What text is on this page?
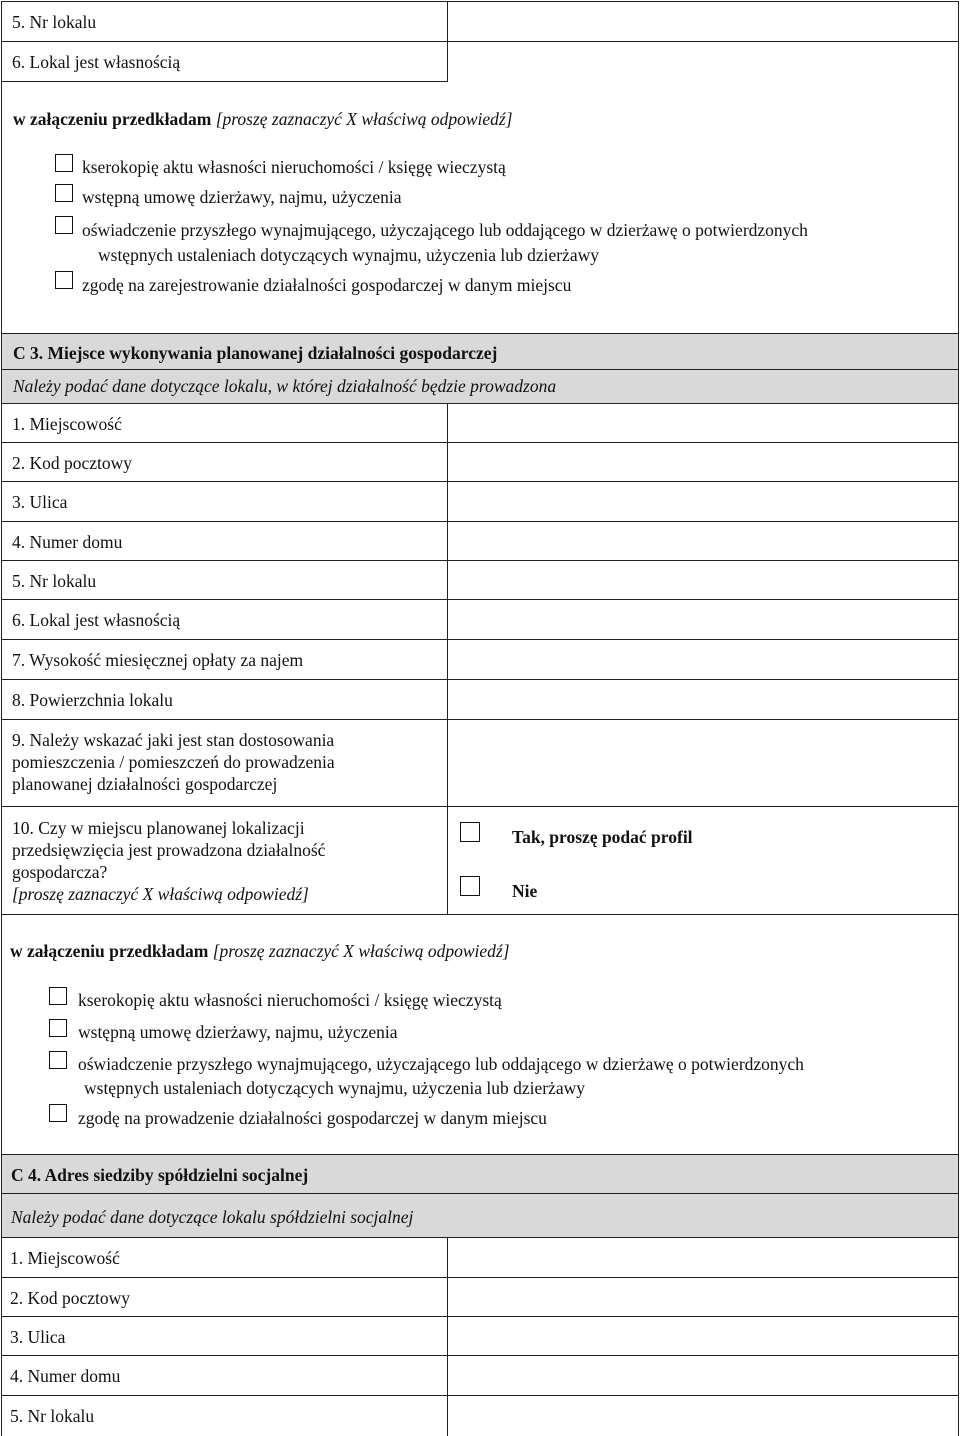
5. Nr lokalu
6. Lokal jest własnością
w załączeniu przedkładam [proszę zaznaczyć X właściwą odpowiedź]
kserokopię aktu własności nieruchomości / księgę wieczystą
wstępną umowę dzierżawy, najmu, użyczenia
oświadczenie przyszłego wynajmującego, użyczającego lub oddającego w dzierżawę o potwierdzonych
wstępnych ustaleniach dotyczących wynajmu, użyczenia lub dzierżawy
zgodę na zarejestrowanie działalności gospodarczej w danym miejscu
C 3. Miejsce wykonywania planowanej działalności gospodarczej
Należy podać dane dotyczące lokalu, w której działalność będzie prowadzona
1. Miejscowość
2. Kod pocztowy
3. Ulica
4. Numer domu
5. Nr lokalu
6. Lokal jest własnością
7. Wysokość miesięcznej opłaty za najem
8. Powierzchnia lokalu
9. Należy wskazać jaki jest stan dostosowania
pomieszczenia / pomieszczeń do prowadzenia
planowanej działalności gospodarczej
10. Czy w miejscu planowanej lokalizacji
przedsięwzięcia jest prowadzona działalność
gospodarcza?
[proszę zaznaczyć X właściwą odpowiedź]
Tak, proszę podać profil
Nie
w załączeniu przedkładam [proszę zaznaczyć X właściwą odpowiedź]
kserokopię aktu własności nieruchomości / księgę wieczystą
wstępną umowę dzierżawy, najmu, użyczenia
oświadczenie przyszłego wynajmującego, użyczającego lub oddającego w dzierżawę o potwierdzonych
wstępnych ustaleniach dotyczących wynajmu, użyczenia lub dzierżawy
zgodę na prowadzenie działalności gospodarczej w danym miejscu
C 4. Adres siedziby spółdzielni socjalnej
Należy podać dane dotyczące lokalu spółdzielni socjalnej
1. Miejscowość
2. Kod pocztowy
3. Ulica
4. Numer domu
5. Nr lokalu
